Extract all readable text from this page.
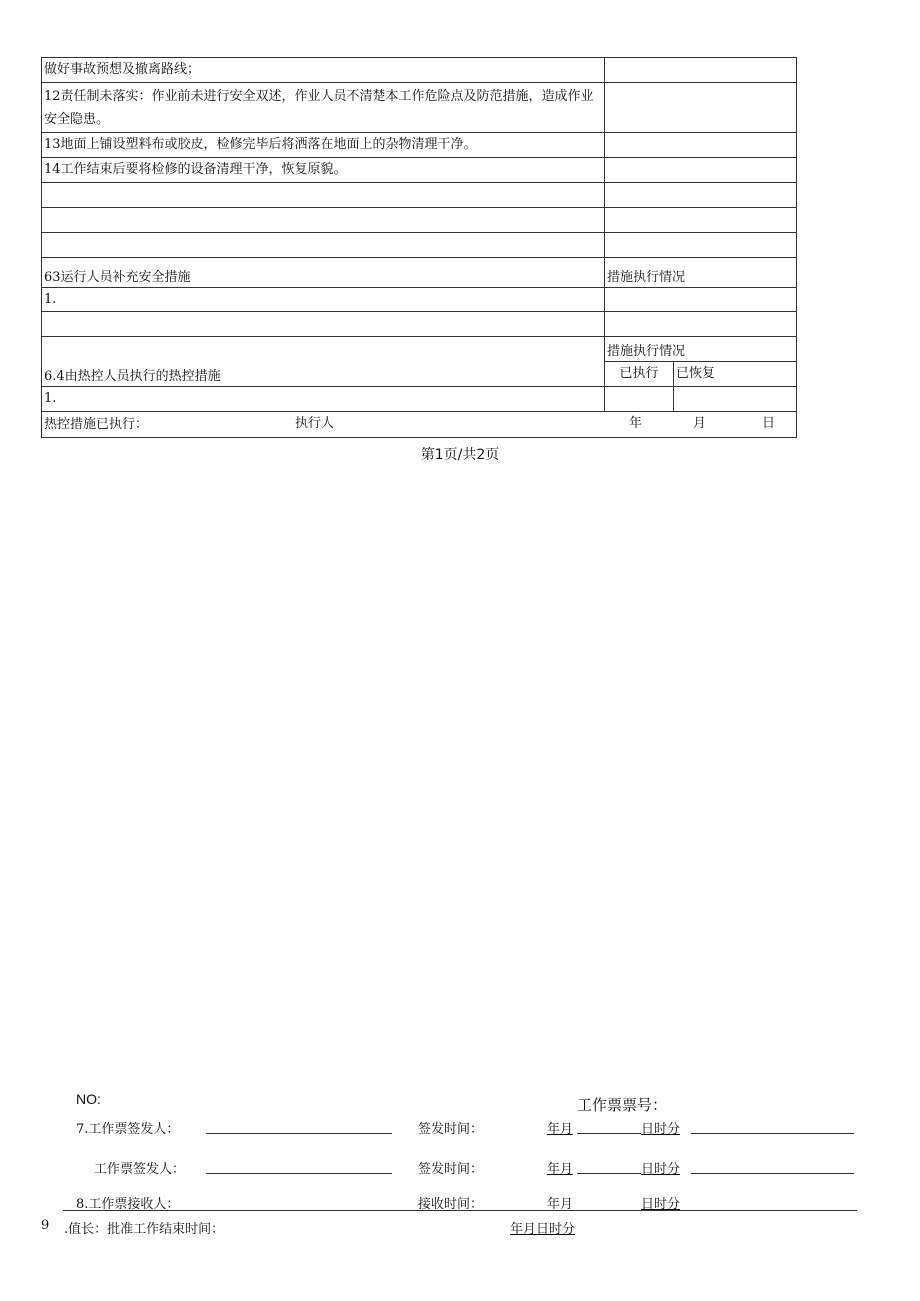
做好事故预想及撤离路线；		
12责任制未落实：作业前未进行安全双述，作业人员不清楚本工作危险点及防范措施，造成作业安全隐患。		
13地面上铺设塑料布或胶皮，检修完毕后将洒落在地面上的杂物清理干净。		
14工作结束后要将检修的设备清理干净，恢复原貌。		

63运行人员补充安全措施	措施执行情况	
1.		

6.4由热控人员执行的热控措施	措施执行情况	
	已执行	已恢复
1.		
热控措施已执行： 执行人 年 月 日		
第1页/共2页
NO:	工作票票号：
7.工作票签发人：	签发时间：	年月	日时分
工作票签发人：	签发时间：	年月	日时分
8.工作票接收人：	接收时间：	年月	日时分
9 .值长：批准工作结束时间：	年月日时分
